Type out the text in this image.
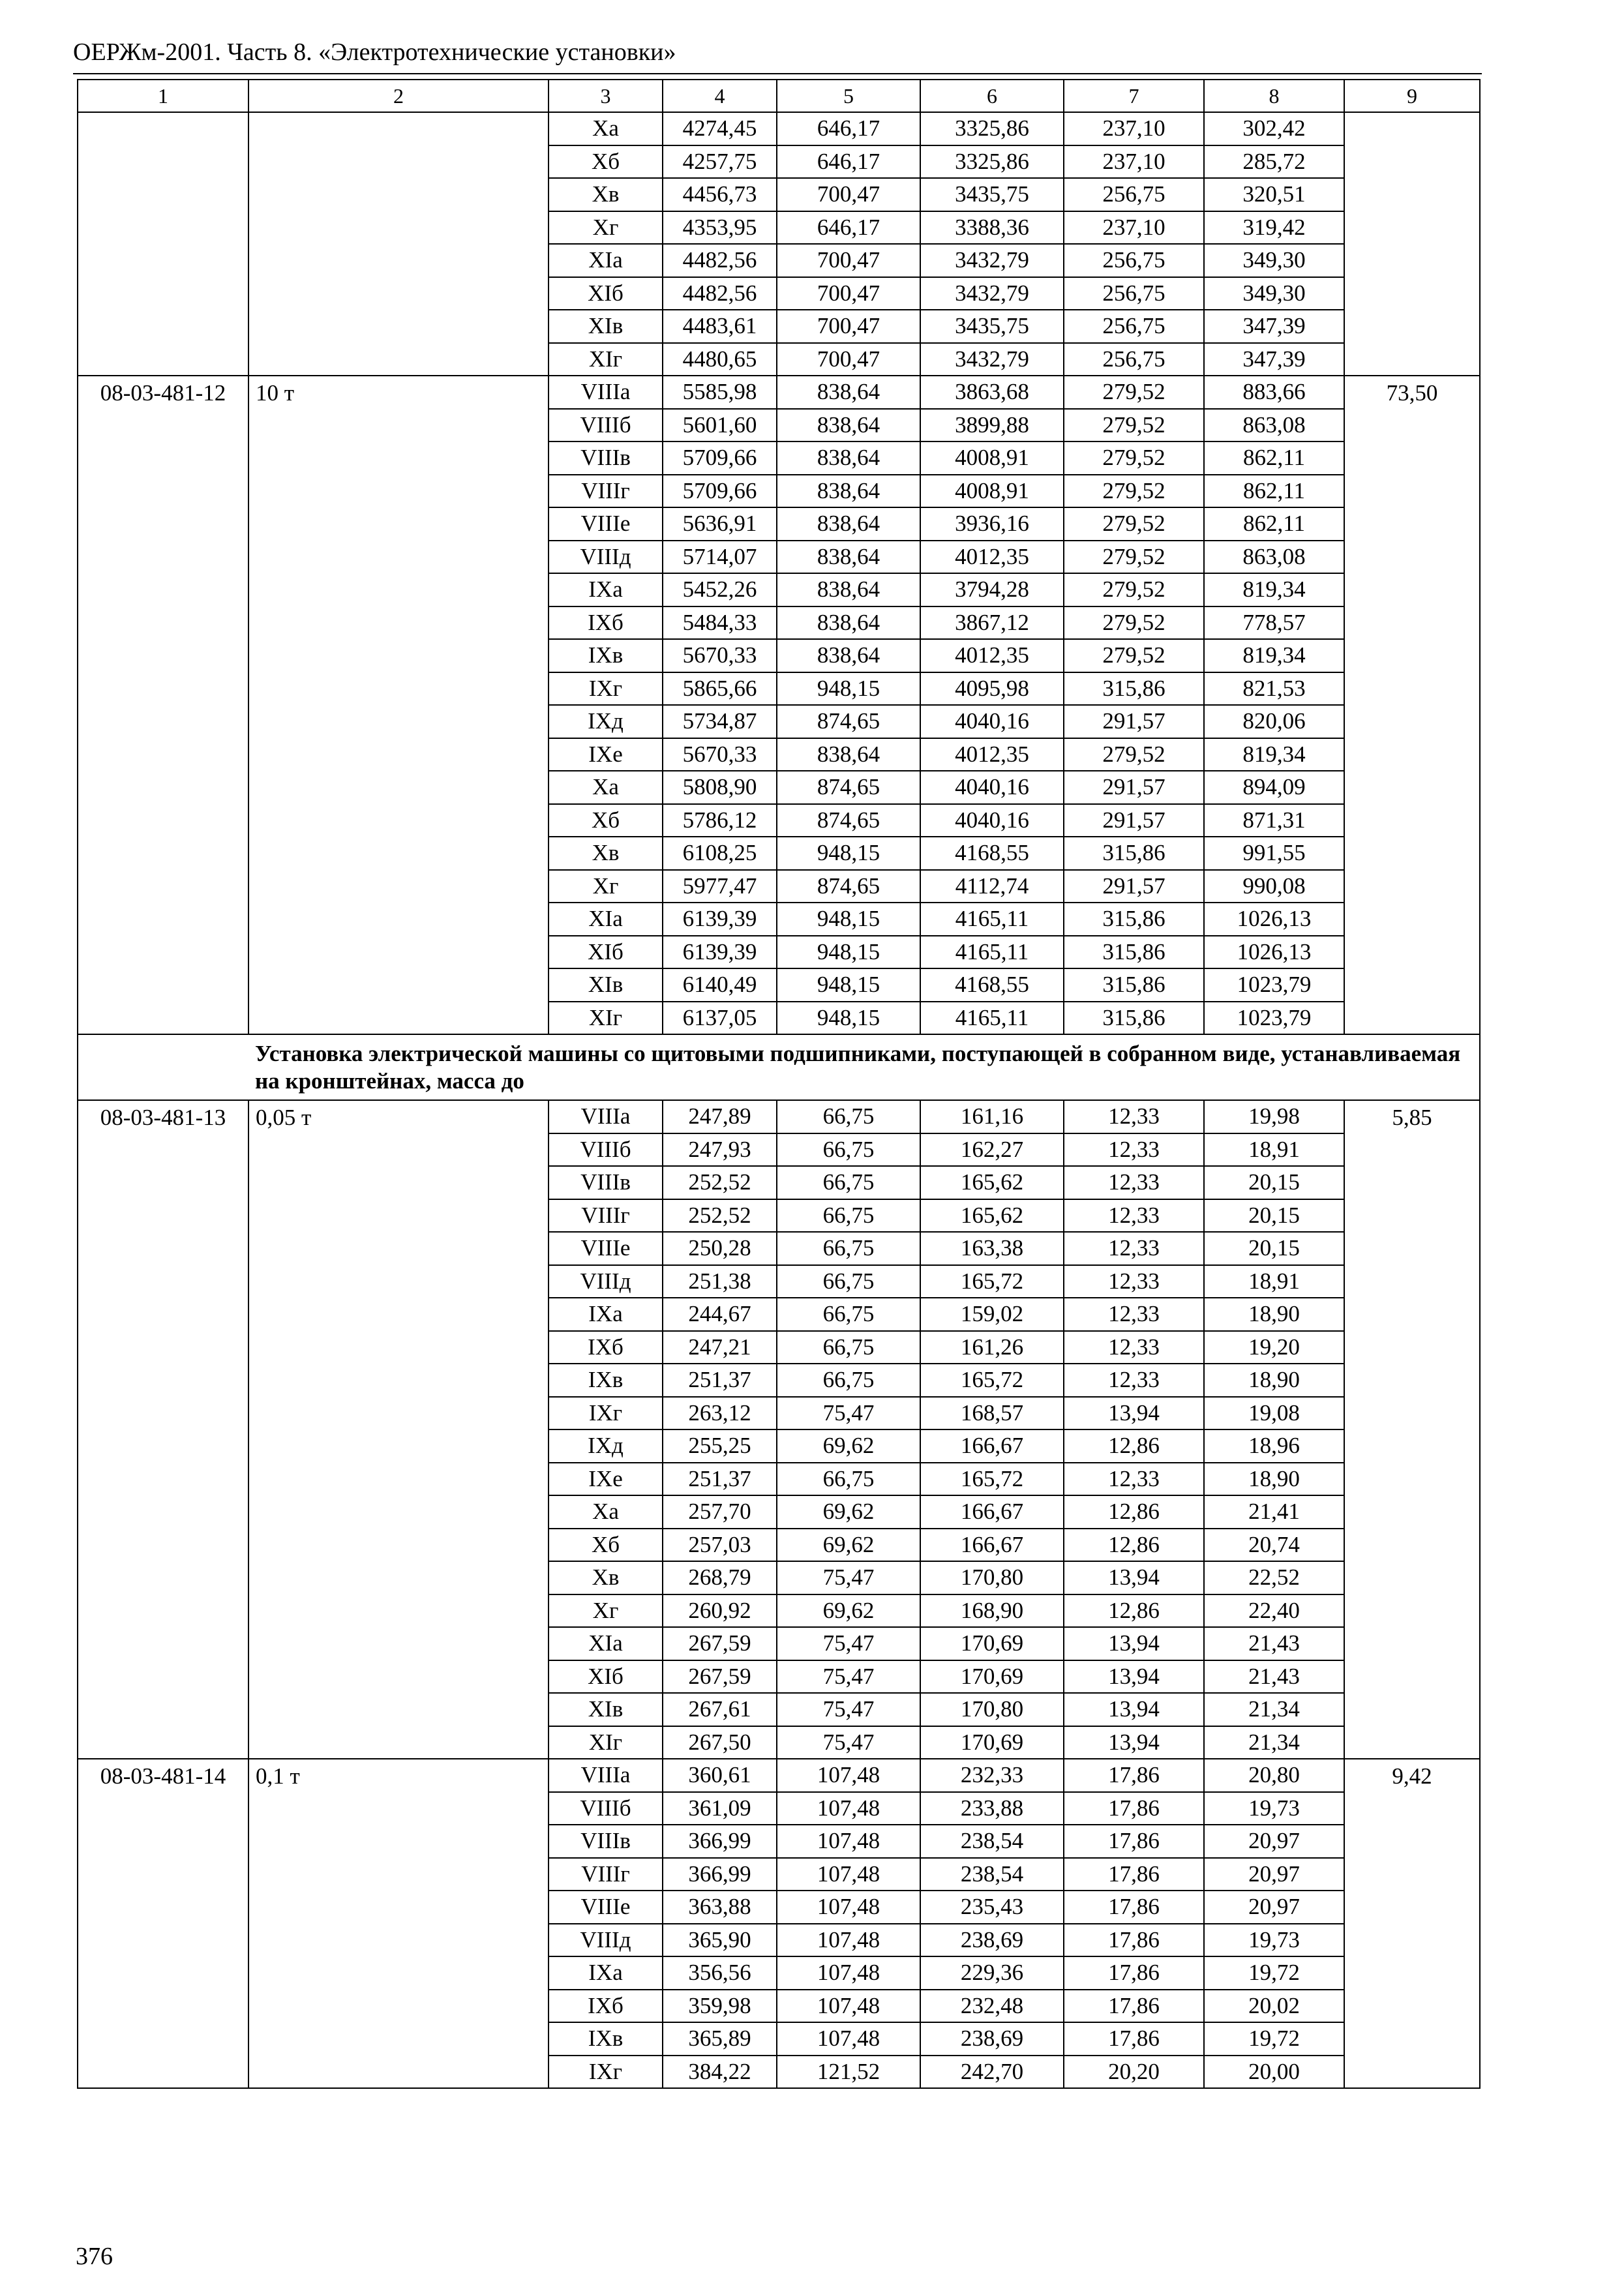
ОЕРЖм-2001. Часть 8. «Электротехнические установки»
1	2	3	4	5	6	7	8	9
		Xa	4274,45	646,17	3325,86	237,10	302,42	
		Xб	4257,75	646,17	3325,86	237,10	285,72	
		Xв	4456,73	700,47	3435,75	256,75	320,51	
		Xг	4353,95	646,17	3388,36	237,10	319,42	
		XIa	4482,56	700,47	3432,79	256,75	349,30	
		XIб	4482,56	700,47	3432,79	256,75	349,30	
		XIв	4483,61	700,47	3435,75	256,75	347,39	
		XIг	4480,65	700,47	3432,79	256,75	347,39	
08-03-481-12	10 т	VIIIa	5585,98	838,64	3863,68	279,52	883,66	73,50
		VIIIб	5601,60	838,64	3899,88	279,52	863,08	
		VIIIв	5709,66	838,64	4008,91	279,52	862,11	
		VIIIг	5709,66	838,64	4008,91	279,52	862,11	
		VIIIе	5636,91	838,64	3936,16	279,52	862,11	
		VIIIд	5714,07	838,64	4012,35	279,52	863,08	
		IXa	5452,26	838,64	3794,28	279,52	819,34	
		IXб	5484,33	838,64	3867,12	279,52	778,57	
		IXв	5670,33	838,64	4012,35	279,52	819,34	
		IXг	5865,66	948,15	4095,98	315,86	821,53	
		IXд	5734,87	874,65	4040,16	291,57	820,06	
		IXе	5670,33	838,64	4012,35	279,52	819,34	
		Xa	5808,90	874,65	4040,16	291,57	894,09	
		Xб	5786,12	874,65	4040,16	291,57	871,31	
		Xв	6108,25	948,15	4168,55	315,86	991,55	
		Xг	5977,47	874,65	4112,74	291,57	990,08	
		XIa	6139,39	948,15	4165,11	315,86	1026,13	
		XIб	6139,39	948,15	4165,11	315,86	1026,13	
		XIв	6140,49	948,15	4168,55	315,86	1023,79	
		XIг	6137,05	948,15	4165,11	315,86	1023,79	
	Установка электрической машины со щитовыми подшипниками, поступающей в собранном виде, устанавливаемая на кронштейнах, масса до							
08-03-481-13	0,05 т	VIIIa	247,89	66,75	161,16	12,33	19,98	5,85
		VIIIб	247,93	66,75	162,27	12,33	18,91	
		VIIIв	252,52	66,75	165,62	12,33	20,15	
		VIIIг	252,52	66,75	165,62	12,33	20,15	
		VIIIе	250,28	66,75	163,38	12,33	20,15	
		VIIIд	251,38	66,75	165,72	12,33	18,91	
		IXa	244,67	66,75	159,02	12,33	18,90	
		IXб	247,21	66,75	161,26	12,33	19,20	
		IXв	251,37	66,75	165,72	12,33	18,90	
		IXг	263,12	75,47	168,57	13,94	19,08	
		IXд	255,25	69,62	166,67	12,86	18,96	
		IXе	251,37	66,75	165,72	12,33	18,90	
		Xa	257,70	69,62	166,67	12,86	21,41	
		Xб	257,03	69,62	166,67	12,86	20,74	
		Xв	268,79	75,47	170,80	13,94	22,52	
		Xг	260,92	69,62	168,90	12,86	22,40	
		XIa	267,59	75,47	170,69	13,94	21,43	
		XIб	267,59	75,47	170,69	13,94	21,43	
		XIв	267,61	75,47	170,80	13,94	21,34	
		XIг	267,50	75,47	170,69	13,94	21,34	
08-03-481-14	0,1 т	VIIIa	360,61	107,48	232,33	17,86	20,80	9,42
		VIIIб	361,09	107,48	233,88	17,86	19,73	
		VIIIв	366,99	107,48	238,54	17,86	20,97	
		VIIIг	366,99	107,48	238,54	17,86	20,97	
		VIIIе	363,88	107,48	235,43	17,86	20,97	
		VIIIд	365,90	107,48	238,69	17,86	19,73	
		IXa	356,56	107,48	229,36	17,86	19,72	
		IXб	359,98	107,48	232,48	17,86	20,02	
		IXв	365,89	107,48	238,69	17,86	19,72	
		IXг	384,22	121,52	242,70	20,20	20,00	
376
